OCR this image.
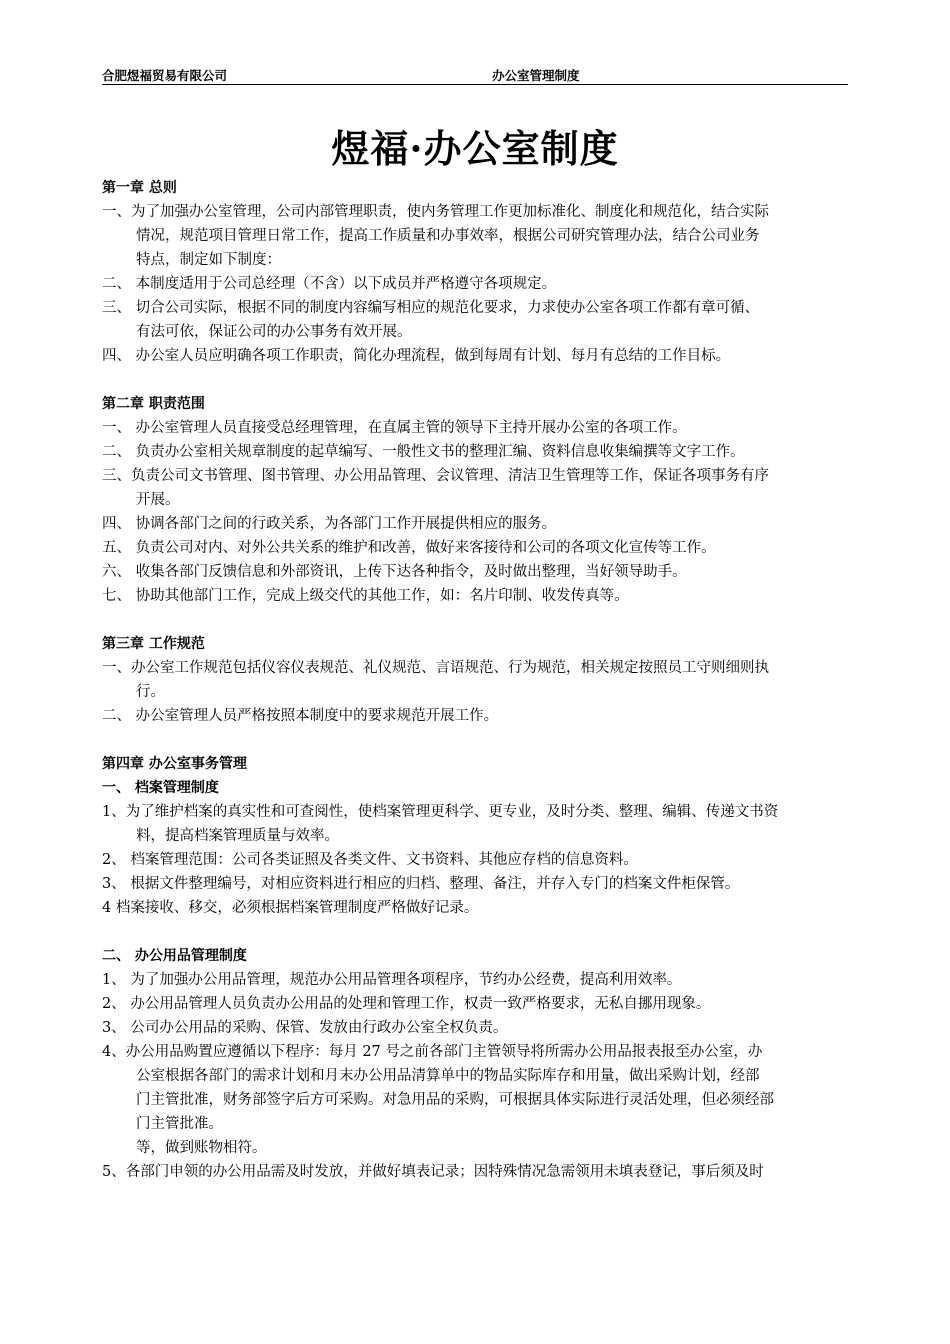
合肥煜福贸易有限公司	办公室管理制度
煜福·办公室制度
第一章 总则
一、为了加强办公室管理，公司内部管理职责，使内务管理工作更加标准化、制度化和规范化，结合实际
情况，规范项目管理日常工作，提高工作质量和办事效率，根据公司研究管理办法，结合公司业务
特点，制定如下制度：
二、 本制度适用于公司总经理（不含）以下成员并严格遵守各项规定。
三、 切合公司实际，根据不同的制度内容编写相应的规范化要求，力求使办公室各项工作都有章可循、
有法可依，保证公司的办公事务有效开展。
四、 办公室人员应明确各项工作职责，简化办理流程，做到每周有计划、每月有总结的工作目标。
第二章 职责范围
一、 办公室管理人员直接受总经理管理，在直属主管的领导下主持开展办公室的各项工作。
二、 负责办公室相关规章制度的起草编写、一般性文书的整理汇编、资料信息收集编撰等文字工作。
三、负责公司文书管理、图书管理、办公用品管理、会议管理、清洁卫生管理等工作，保证各项事务有序
开展。
四、 协调各部门之间的行政关系，为各部门工作开展提供相应的服务。
五、 负责公司对内、对外公共关系的维护和改善，做好来客接待和公司的各项文化宣传等工作。
六、 收集各部门反馈信息和外部资讯，上传下达各种指令，及时做出整理，当好领导助手。
七、 协助其他部门工作，完成上级交代的其他工作，如：名片印制、收发传真等。
第三章 工作规范
一、办公室工作规范包括仪容仪表规范、礼仪规范、言语规范、行为规范，相关规定按照员工守则细则执
行。
二、 办公室管理人员严格按照本制度中的要求规范开展工作。
第四章 办公室事务管理
一、 档案管理制度
1、为了维护档案的真实性和可查阅性，使档案管理更科学、更专业，及时分类、整理、编辑、传递文书资
料，提高档案管理质量与效率。
2、 档案管理范围：公司各类证照及各类文件、文书资料、其他应存档的信息资料。
3、 根据文件整理编号，对相应资料进行相应的归档、整理、备注，并存入专门的档案文件柜保管。
4 档案接收、移交，必须根据档案管理制度严格做好记录。
二、 办公用品管理制度
1、 为了加强办公用品管理，规范办公用品管理各项程序，节约办公经费，提高利用效率。
2、 办公用品管理人员负责办公用品的处理和管理工作，权责一致严格要求，无私自挪用现象。
3、 公司办公用品的采购、保管、发放由行政办公室全权负责。
4、办公用品购置应遵循以下程序：每月 27 号之前各部门主管领导将所需办公用品报表报至办公室，办
公室根据各部门的需求计划和月末办公用品清算单中的物品实际库存和用量，做出采购计划，经部
门主管批准，财务部签字后方可采购。对急用品的采购，可根据具体实际进行灵活处理，但必须经部
门主管批准。
等，做到账物相符。
5、各部门申领的办公用品需及时发放，并做好填表记录；因特殊情况急需领用未填表登记，事后须及时
